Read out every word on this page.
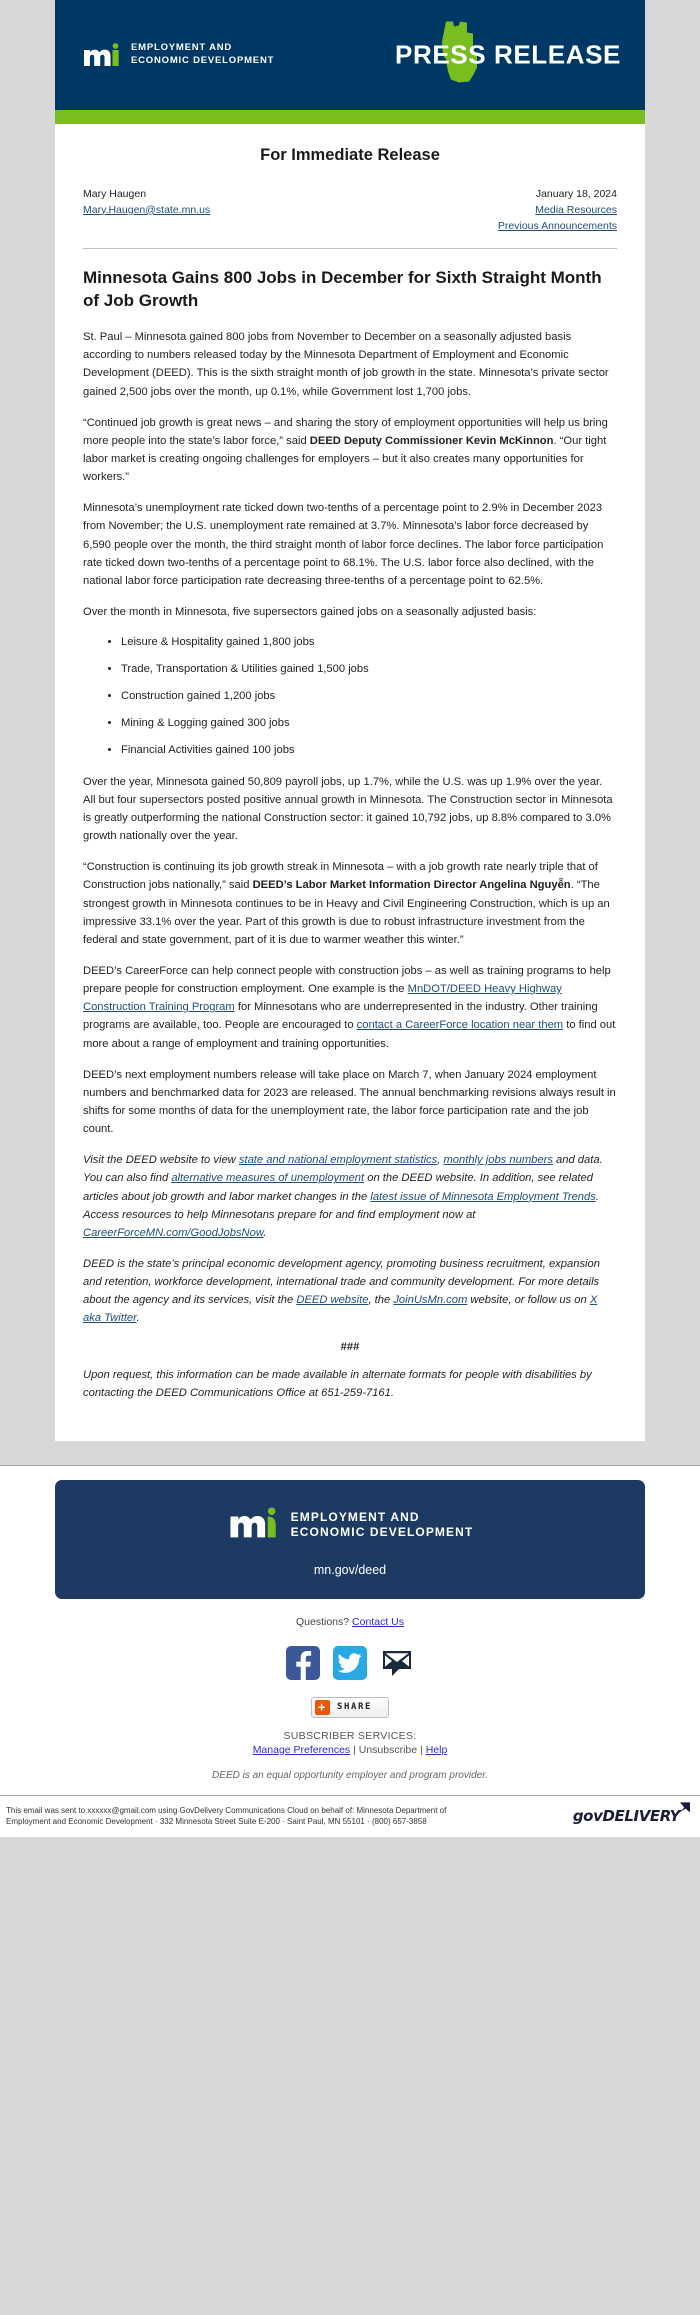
EMPLOYMENT AND
ECONOMIC DEVELOPMENT	PRESS RELEASE
For Immediate Release
Mary Haugen
Mary.Haugen@state.mn.us
January 18, 2024
Media Resources
Previous Announcements
Minnesota Gains 800 Jobs in December for Sixth Straight Month of Job Growth

St. Paul – Minnesota gained 800 jobs from November to December on a seasonally adjusted basis according to numbers released today by the Minnesota Department of Employment and Economic Development (DEED). This is the sixth straight month of job growth in the state. Minnesota’s private sector gained 2,500 jobs over the month, up 0.1%, while Government lost 1,700 jobs.

“Continued job growth is great news – and sharing the story of employment opportunities will help us bring more people into the state’s labor force,” said DEED Deputy Commissioner Kevin McKinnon. “Our tight labor market is creating ongoing challenges for employers – but it also creates many opportunities for workers.”

Minnesota’s unemployment rate ticked down two-tenths of a percentage point to 2.9% in December 2023 from November; the U.S. unemployment rate remained at 3.7%. Minnesota’s labor force decreased by 6,590 people over the month, the third straight month of labor force declines. The labor force participation rate ticked down two-tenths of a percentage point to 68.1%. The U.S. labor force also declined, with the national labor force participation rate decreasing three-tenths of a percentage point to 62.5%.

Over the month in Minnesota, five supersectors gained jobs on a seasonally adjusted basis:

• Leisure & Hospitality gained 1,800 jobs
• Trade, Transportation & Utilities gained 1,500 jobs
• Construction gained 1,200 jobs
• Mining & Logging gained 300 jobs
• Financial Activities gained 100 jobs

Over the year, Minnesota gained 50,809 payroll jobs, up 1.7%, while the U.S. was up 1.9% over the year. All but four supersectors posted positive annual growth in Minnesota. The Construction sector in Minnesota is greatly outperforming the national Construction sector: it gained 10,792 jobs, up 8.8% compared to 3.0% growth nationally over the year.

“Construction is continuing its job growth streak in Minnesota – with a job growth rate nearly triple that of Construction jobs nationally,” said DEED’s Labor Market Information Director Angelina Nguyễn. “The strongest growth in Minnesota continues to be in Heavy and Civil Engineering Construction, which is up an impressive 33.1% over the year. Part of this growth is due to robust infrastructure investment from the federal and state government, part of it is due to warmer weather this winter.”

DEED’s CareerForce can help connect people with construction jobs – as well as training programs to help prepare people for construction employment. One example is the MnDOT/DEED Heavy Highway Construction Training Program for Minnesotans who are underrepresented in the industry. Other training programs are available, too. People are encouraged to contact a CareerForce location near them to find out more about a range of employment and training opportunities.

DEED’s next employment numbers release will take place on March 7, when January 2024 employment numbers and benchmarked data for 2023 are released. The annual benchmarking revisions always result in shifts for some months of data for the unemployment rate, the labor force participation rate and the job count.

Visit the DEED website to view state and national employment statistics, monthly jobs numbers and data. You can also find alternative measures of unemployment on the DEED website. In addition, see related articles about job growth and labor market changes in the latest issue of Minnesota Employment Trends. Access resources to help Minnesotans prepare for and find employment now at CareerForceMN.com/GoodJobsNow.

DEED is the state’s principal economic development agency, promoting business recruitment, expansion and retention, workforce development, international trade and community development. For more details about the agency and its services, visit the DEED website, the JoinUsMn.com website, or follow us on X aka Twitter.

###

Upon request, this information can be made available in alternate formats for people with disabilities by contacting the DEED Communications Office at 651-259-7161.

EMPLOYMENT AND
ECONOMIC DEVELOPMENT
mn.gov/deed
Questions? Contact Us
+	SHARE
SUBSCRIBER SERVICES:
Manage Preferences | Unsubscribe | Help
DEED is an equal opportunity employer and program provider.
This email was sent to xxxxxx@gmail.com using GovDelivery Communications Cloud on behalf of: Minnesota Department of
Employment and Economic Development · 332 Minnesota Street Suite E-200 · Saint Paul, MN 55101 · (800) 657-3858	govDELIVERY
